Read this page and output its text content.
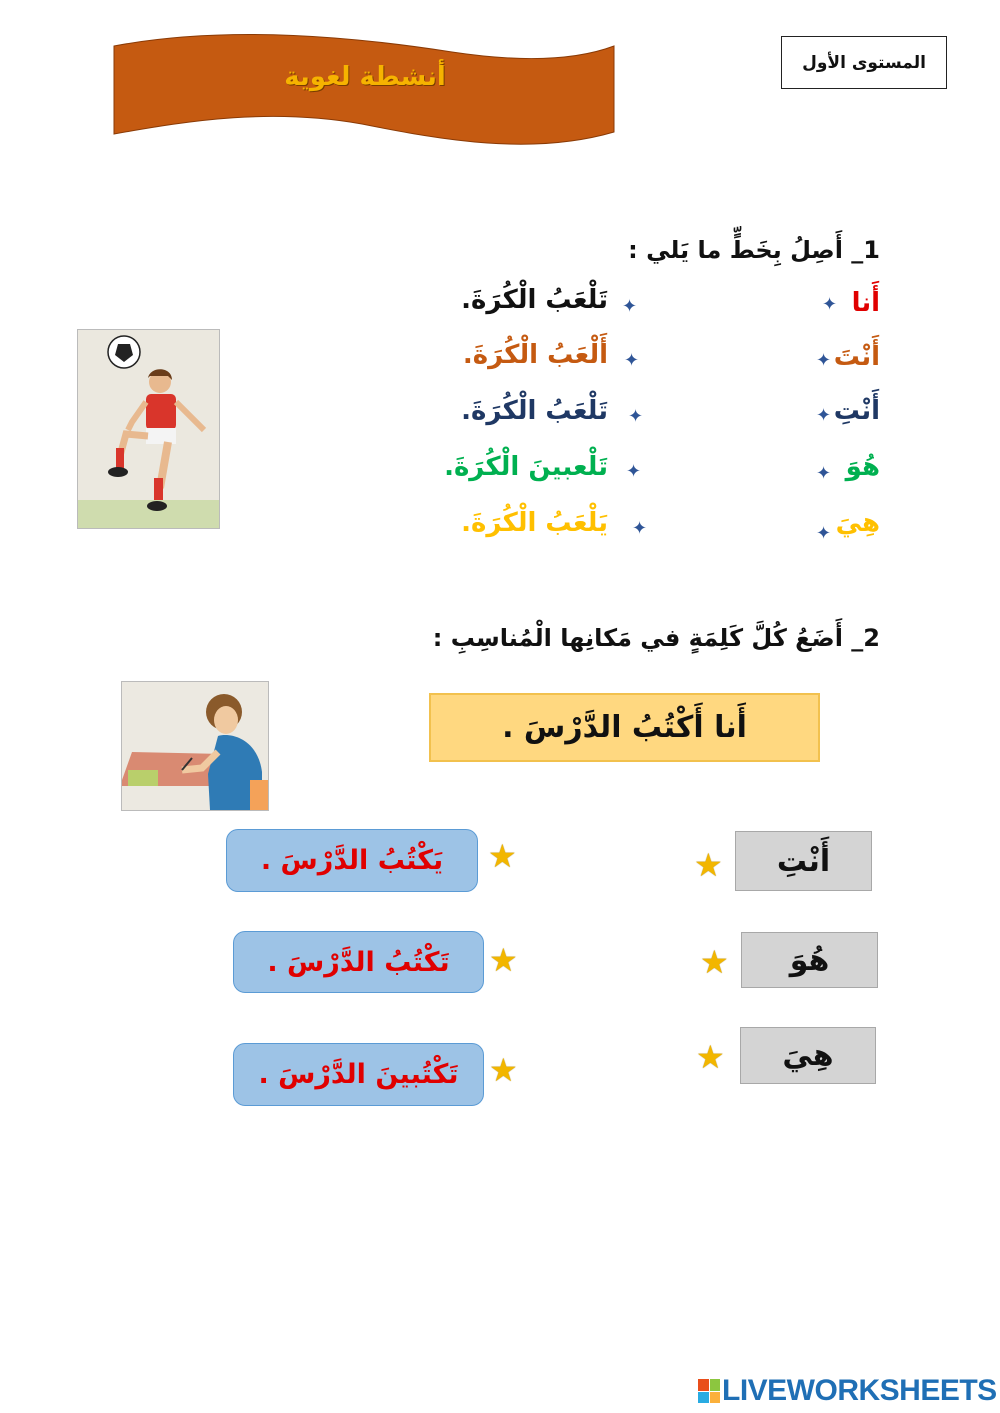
المستوى الأول
أنشطة لغوية
1_ أَصِلُ بِخَطٍّ ما يَلي :
أَنا
أَنْتَ
أَنْتِ
هُوَ
هِيَ
✦
✦
✦
✦
✦
✦
✦
✦
✦
✦
تَلْعَبُ الْكُرَةَ.
أَلْعَبُ الْكُرَةَ.
تَلْعَبُ الْكُرَةَ.
تَلْعبينَ الْكُرَةَ.
يَلْعَبُ الْكُرَةَ.
2_ أَضَعُ كُلَّ كَلِمَةٍ في مَكانِها الْمُناسِبِ :
أَنا أَكْتُبُ الدَّرْسَ .
يَكْتُبُ الدَّرْسَ .
تَكْتُبُ الدَّرْسَ .
تَكْتُبينَ الدَّرْسَ .
★
★
★
★
★
★
أَنْتِ
هُوَ
هِيَ
LIVEWORKSHEETS
